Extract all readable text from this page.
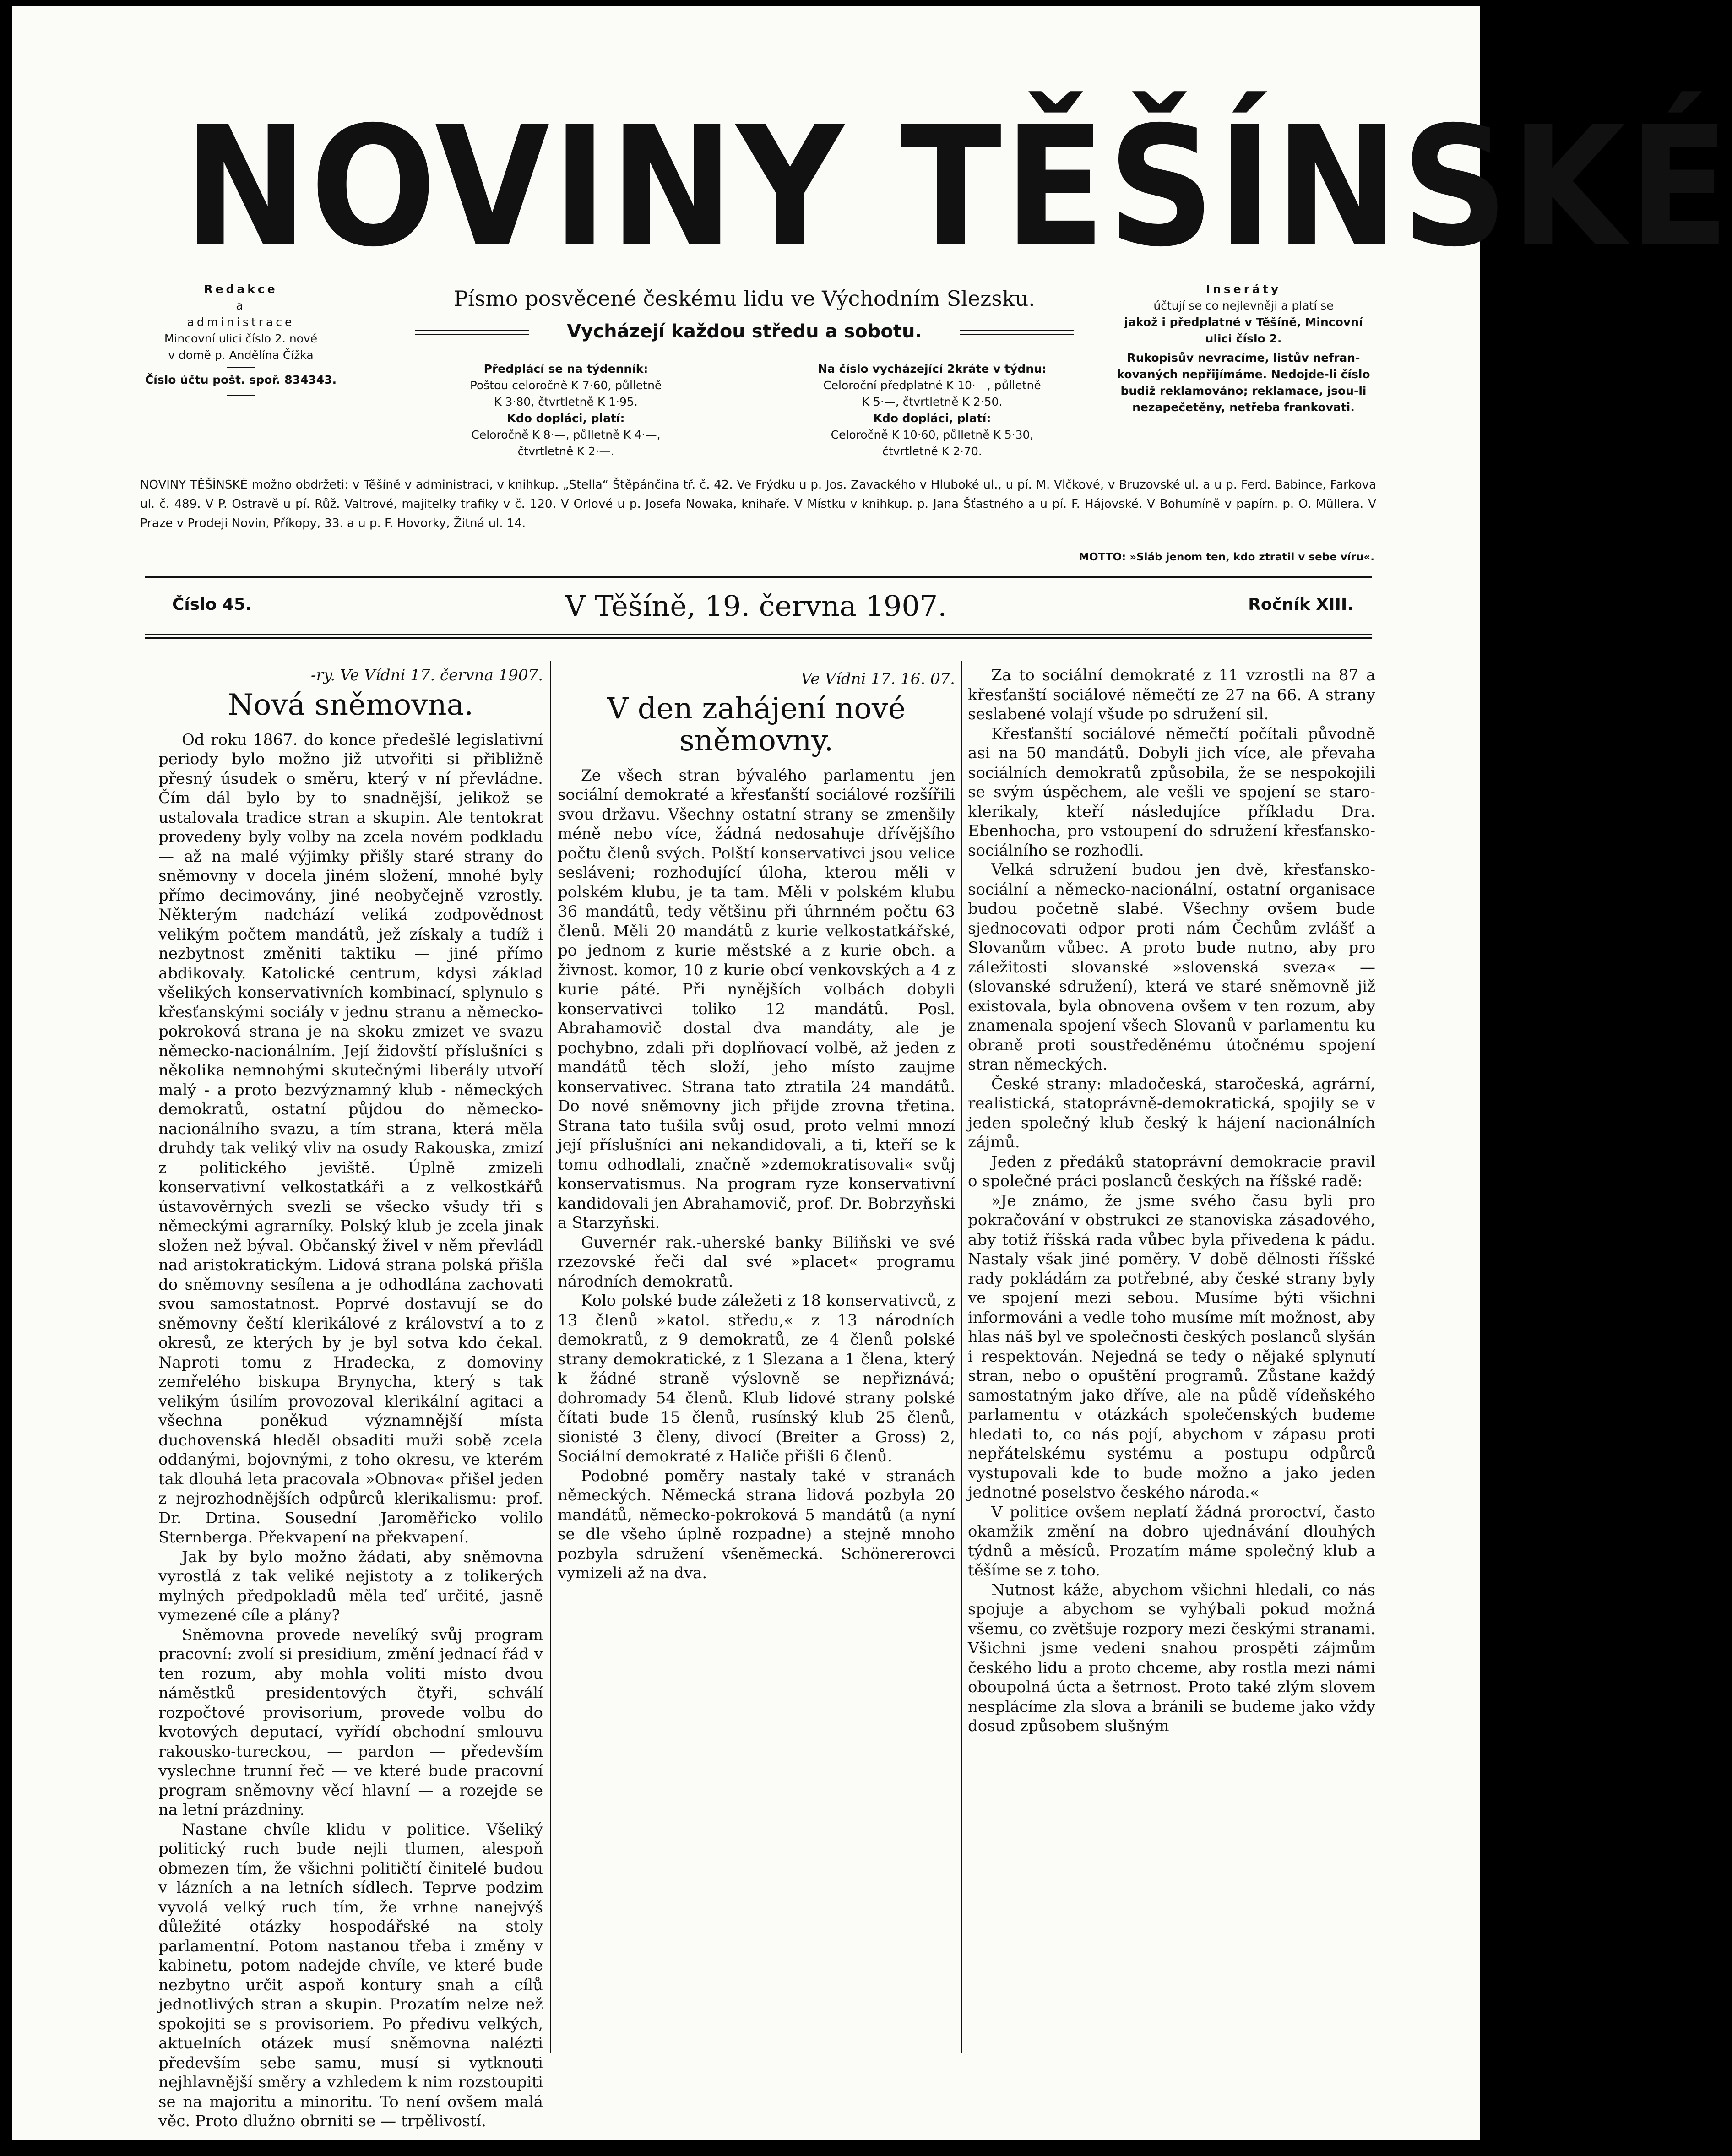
NOVINY TĚŠÍNSKÉ
Písmo posvěcené českému lidu ve Východním Slezsku.
Vycházejí každou středu a sobotu.
Redakce
a
administrace
Mincovní ulici číslo 2. nové
v domě p. Andělína Čížka
Číslo účtu pošt. spoř. 834343.
Předplácí se na týdenník:
Poštou celoročně K 7·60, půlletně
K 3·80, čtvrtletně K 1·95.
Kdo dopláci, platí:
Celoročně K 8·—, půlletně K 4·—,
čtvrtletně K 2·—.
Na číslo vycházející 2kráte v týdnu:
Celoroční předplatné K 10·—, půlletně
K 5·—, čtvrtletně K 2·50.
Kdo dopláci, platí:
Celoročně K 10·60, půlletně K 5·30,
čtvrtletně K 2·70.
Inseráty
účtují se co nejlevněji a platí se
jakož i předplatné v Těšíně, Mincovní
ulici číslo 2.
Rukopisův nevracíme, listův nefran-
kovaných nepřijímáme. Nedojde-li číslo
budiž reklamováno; reklamace, jsou-li
nezapečetěny, netřeba frankovati.
NOVINY TĚŠÍNSKÉ možno obdržeti: v Těšíně v administraci, v knihkup. „Stella“ Štěpánčina tř. č. 42. Ve Frýdku u p. Jos. Zavackého v Hluboké ul., u pí. M. Vlčkové, v Bruzovské ul. a u p. Ferd. Babince, Farkova ul. č. 489. V P. Ostravě u pí. Růž. Valtrové, majitelky trafiky v č. 120. V Orlové u p. Josefa Nowaka, knihaře. V Místku v knihkup. p. Jana Šťastného a u pí. F. Hájovské. V Bohumíně v papírn. p. O. Müllera. V Praze v Prodeji Novin, Příkopy, 33. a u p. F. Hovorky, Žitná ul. 14.
MOTTO: »Sláb jenom ten, kdo ztratil v sebe víru«.
Číslo 45.	V Těšíně, 19. června 1907.	Ročník XIII.

-ry. Ve Vídni 17. června 1907.

Nová sněmovna.

Od roku 1867. do konce předešlé legislativní periody bylo možno již utvořiti si přibližně přesný úsudek o směru, který v ní převládne. Čím dál bylo by to snadnější, jelikož se ustalovala tradice stran a skupin. Ale tentokrat provedeny byly volby na zcela novém podkladu — až na malé výjimky přišly staré strany do sněmovny v docela jiném složení, mnohé byly přímo decimovány, jiné neobyčejně vzrostly. Některým nadchází veliká zodpovědnost velikým počtem mandátů, jež získaly a tudíž i nezbytnost změniti taktiku — jiné přímo abdikovaly. Katolické centrum, kdysi základ všelikých konservativních kombinací, splynulo s křesťanskými sociály v jednu stranu a německo-pokroková strana je na skoku zmizet ve svazu německo-nacionálním. Její židovští příslušníci s několika nemnohými skutečnými liberály utvoří malý - a proto bezvýznamný klub - německých demokratů, ostatní půjdou do německo-nacionálního svazu, a tím strana, která měla druhdy tak veliký vliv na osudy Rakouska, zmizí z politického jeviště. Úplně zmizeli konservativní velkostatkáři a z velkostkářů ústavověrných svezli se všecko všudy tři s německými agrarníky. Polský klub je zcela jinak složen než býval. Občanský živel v něm převládl nad aristokratickým. Lidová strana polská přišla do sněmovny sesílena a je odhodlána zachovati svou samostatnost. Poprvé dostavují se do sněmovny čeští klerikálové z království a to z okresů, ze kterých by je byl sotva kdo čekal. Naproti tomu z Hradecka, z domoviny zemřelého biskupa Brynycha, který s tak velikým úsilím provozoval klerikální agitaci a všechna poněkud významnější místa duchovenská hleděl obsaditi muži sobě zcela oddanými, bojovnými, z toho okresu, ve kterém tak dlouhá leta pracovala »Obnova« přišel jeden z nejrozhodnějších odpůrců klerikalismu: prof. Dr. Drtina. Sousední Jaroměřicko volilo Sternberga. Překvapení na překvapení.

Jak by bylo možno žádati, aby sněmovna vyrostlá z tak veliké nejistoty a z tolikerých mylných předpokladů měla teď určité, jasně vymezené cíle a plány?

Sněmovna provede nevelíký svůj program pracovní: zvolí si presidium, změní jednací řád v ten rozum, aby mohla voliti místo dvou náměstků presidentových čtyři, schválí rozpočtové provisorium, provede volbu do kvotových deputací, vyřídí obchodní smlouvu rakousko-tureckou, — pardon — především vyslechne trunní řeč — ve které bude pracovní program sněmovny věcí hlavní — a rozejde se na letní prázdniny.

Nastane chvíle klidu v politice. Všeliký politický ruch bude nejli tlumen, alespoň obmezen tím, že všichni političtí činitelé budou v lázních a na letních sídlech. Teprve podzim vyvolá velký ruch tím, že vrhne nanejvýš důležité otázky hospodářské na stoly parlamentní. Potom nastanou třeba i změny v kabinetu, potom nadejde chvíle, ve které bude nezbytno určit aspoň kontury snah a cílů jednotlivých stran a skupin. Prozatím nelze než spokojiti se s provisoriem. Po předivu velkých, aktuelních otázek musí sněmovna nalézti především sebe samu, musí si vytknouti nejhlavnější směry a vzhledem k nim rozstoupiti se na majoritu a minoritu. To není ovšem malá věc. Proto dlužno obrniti se — trpělivostí.

Ve Vídni 17. 16. 07.

V den zahájení nové sněmovny.

Ze všech stran bývalého parlamentu jen sociální demokraté a křesťanští sociálové rozšířili svou državu. Všechny ostatní strany se zmenšily méně nebo více, žádná nedosahuje dřívějšího počtu členů svých. Polští konservativci jsou velice sesláveni; rozhodující úloha, kterou měli v polském klubu, je ta tam. Měli v polském klubu 36 mandátů, tedy většinu při úhrnném počtu 63 členů. Měli 20 mandátů z kurie velkostatkářské, po jednom z kurie městské a z kurie obch. a živnost. komor, 10 z kurie obcí venkovských a 4 z kurie páté. Při nynějších volbách dobyli konservativci toliko 12 mandátů. Posl. Abrahamovič dostal dva mandáty, ale je pochybno, zdali při doplňovací volbě, až jeden z mandátů těch složí, jeho místo zaujme konservativec. Strana tato ztratila 24 mandátů. Do nové sněmovny jich přijde zrovna třetina. Strana tato tušila svůj osud, proto velmi mnozí její příslušníci ani nekandidovali, a ti, kteří se k tomu odhodlali, značně »zdemokratisovali« svůj konservatismus. Na program ryze konservativní kandidovali jen Abrahamovič, prof. Dr. Bobrzyňski a Starzyňski.

Guvernér rak.-uherské banky Biliňski ve své rzezovské řeči dal své »placet« programu národních demokratů.

Kolo polské bude záležeti z 18 konservativců, z 13 členů »katol. středu,« z 13 národních demokratů, z 9 demokratů, ze 4 členů polské strany demokratické, z 1 Slezana a 1 člena, který k žádné straně výslovně se nepřiznává; dohromady 54 členů. Klub lidové strany polské čítati bude 15 členů, rusínský klub 25 členů, sionisté 3 členy, divocí (Breiter a Gross) 2, Sociální demokraté z Haliče přišli 6 členů.

Podobné poměry nastaly také v stranách německých. Německá strana lidová pozbyla 20 mandátů, německo-pokroková 5 mandátů (a nyní se dle všeho úplně rozpadne) a stejně mnoho pozbyla sdružení všeněmecká. Schönererovci vymizeli až na dva.

Za to sociální demokraté z 11 vzrostli na 87 a křesťanští sociálové němečtí ze 27 na 66. A strany seslabené volají všude po sdružení sil.

Křesťanští sociálové němečtí počítali původně asi na 50 mandátů. Dobyli jich více, ale převaha sociálních demokratů způsobila, že se nespokojili se svým úspěchem, ale vešli ve spojení se staro-klerikaly, kteří následujíce příkladu Dra. Ebenhocha, pro vstoupení do sdružení křesťansko-sociálního se rozhodli.

Velká sdružení budou jen dvě, křesťansko-sociální a německo-nacionální, ostatní organisace budou početně slabé. Všechny ovšem bude sjednocovati odpor proti nám Čechům zvlášť a Slovanům vůbec. A proto bude nutno, aby pro záležitosti slovanské »slovenská sveza« — (slovanské sdružení), která ve staré sněmovně již existovala, byla obnovena ovšem v ten rozum, aby znamenala spojení všech Slovanů v parlamentu ku obraně proti soustředěnému útočnému spojení stran německých.

České strany: mladočeská, staročeská, agrární, realistická, statoprávně-demokratická, spojily se v jeden společný klub český k hájení nacionálních zájmů.

Jeden z předáků statoprávní demokracie pravil o společné práci poslanců českých na říšské radě:

»Je známo, že jsme svého času byli pro pokračování v obstrukci ze stanoviska zásadového, aby totiž říšská rada vůbec byla přivedena k pádu. Nastaly však jiné poměry. V době dělnosti říšské rady pokládám za potřebné, aby české strany byly ve spojení mezi sebou. Musíme býti všichni informováni a vedle toho musíme mít možnost, aby hlas náš byl ve společnosti českých poslanců slyšán i respektován. Nejedná se tedy o nějaké splynutí stran, nebo o opuštění programů. Zůstane každý samostatným jako dříve, ale na půdě vídeňského parlamentu v otázkách společenských budeme hledati to, co nás pojí, abychom v zápasu proti nepřátelskému systému a postupu odpůrců vystupovali kde to bude možno a jako jeden jednotné poselstvo českého národa.«

V politice ovšem neplatí žádná proroctví, často okamžik změní na dobro ujednávání dlouhých týdnů a měsíců. Prozatím máme společný klub a těšíme se z toho.

Nutnost káže, abychom všichni hledali, co nás spojuje a abychom se vyhýbali pokud možná všemu, co zvětšuje rozpory mezi českými stranami. Všichni jsme vedeni snahou prospěti zájmům českého lidu a proto chceme, aby rostla mezi námi oboupolná úcta a šetrnost. Proto také zlým slovem nesplácíme zla slova a bránili se budeme jako vždy dosud způsobem slušným
